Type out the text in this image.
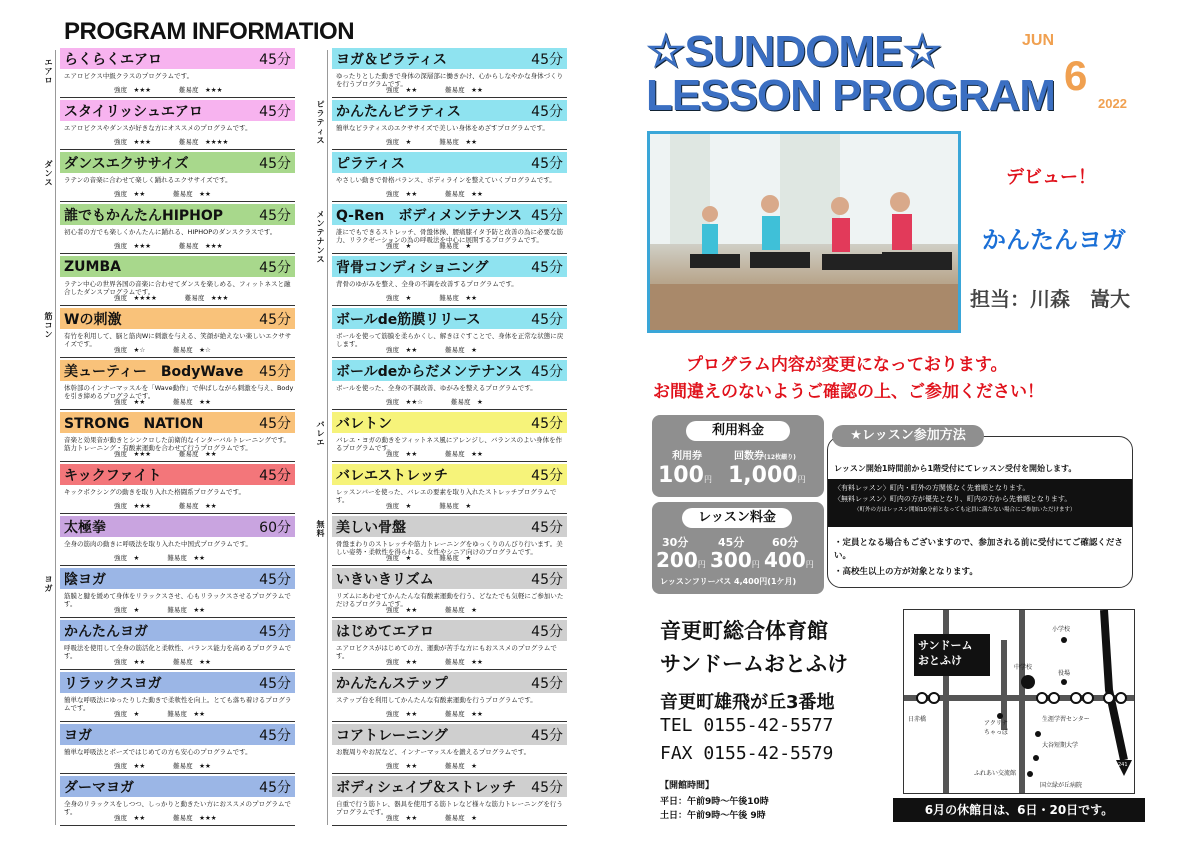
PROGRAM INFORMATION
エアロ
ダンス
筋コン
ヨガ
ピラティス
メンテナンス
バレエ
無料
らくらくエアロ	45分
エアロビクス中級クラスのプログラムです。
強度　 ★★★	難易度　 ★★★
スタイリッシュエアロ	45分
エアロビクスやダンスが好きな方にオススメのプログラムです。
強度　 ★★★	難易度　 ★★★★
ダンスエクササイズ	45分
ラテンの音楽に合わせて楽しく踊れるエクササイズです。
強度　 ★★	難易度　 ★★
誰でもかんたんHIPHOP	45分
初心者の方でも楽しくかんたんに踊れる、HIPHOPのダンスクラスです。
強度　 ★★★	難易度　 ★★★
ZUMBA	45分
ラテン中心の世界各国の音楽に合わせてダンスを楽しめる、フィットネスと融合したダンスプログラムです。
強度　 ★★★★	難易度　 ★★★
Wの刺激	45分
有竹を利用して、脳と筋肉Wに刺激を与える、笑顔が絶えない楽しいエクササイズです。
強度　 ★☆	難易度　 ★☆
美ューティー　BodyWave 45分
体幹部のインナーマッスルを「Wave動作」で伸ばしながら刺激を与え、Bodyを引き締めるプログラムです。
強度　 ★★	難易度　 ★★
STRONG　NATION	45分
音楽と効果音が動きとシンクロした前衛的なインターバルトレーニングです。筋力トレーニング・有酸素運動を合わせて行うプログラムです。
強度　 ★★★	難易度　 ★★
キックファイト	45分
キックボクシングの動きを取り入れた格闘系プログラムです。
強度　 ★★★	難易度　 ★★
太極拳	60分
全身の筋肉の動きに呼吸法を取り入れた中国式プログラムです。
強度　 ★	難易度　 ★★
陰ヨガ	45分
筋膜と腱を緩めて身体をリラックスさせ、心もリラックスさせるプログラムです。
強度　 ★	難易度　 ★★
かんたんヨガ	45分
呼吸法を使用して全身の筋活化と柔軟性、バランス能力を高めるプログラムです。
強度　 ★★	難易度　 ★★
リラックスヨガ	45分
簡単な呼吸法にゆったりした動きで柔軟性を向上。とても落ち着けるプログラムです。
強度　 ★	難易度　 ★★
ヨガ	45分
簡単な呼吸法とポーズではじめての方も安心のプログラムです。
強度　 ★★	難易度　 ★★
ダーマヨガ	45分
全身のリラックスをしつつ、しっかりと動きたい方におススメのプログラムです。
強度　 ★★	難易度　 ★★★
ヨガ＆ピラティス	45分
ゆったりとした動きで身体の深層部に働きかけ、心からしなやかな身体づくりを行うプログラムです。
強度　 ★★	難易度　 ★★
かんたんピラティス	45分
簡単なピラティスのエクササイズで美しい身体をめざすプログラムです。
強度　 ★	難易度　 ★★
ピラティス	45分
やさしい動きで骨格バランス、ボディラインを整えていくプログラムです。
強度　 ★★	難易度　 ★★
Q-Ren　ボディメンテナンス 45分
誰にでもできるストレッチ、骨盤体操、腰痛膝イタ予防と改善の為に必要な筋力、リラクゼーションの為の呼吸法を中心に展開するプログラムです。
強度　 ★	難易度　 ★
背骨コンディショニング	45分
背骨のゆがみを整え、全身の不調を改善するプログラムです。
強度　 ★	難易度　 ★★
ボールde筋膜リリース	45分
ボールを使って筋膜を柔らかくし、解きほぐすことで、身体を正常な状態に戻します。
強度　 ★★	難易度　 ★
ボールdeからだメンテナンス 45分
ボールを使った、全身の不調改善、ゆがみを整えるプログラムです。
強度　 ★★☆	難易度　 ★
バレトン	45分
バレエ・ヨガの動きをフィットネス風にアレンジし、バランスのよい身体を作るプログラムです。
強度　 ★★	難易度　 ★★
バレエストレッチ	45分
レッスンバーを使った、バレエの要素を取り入れたストレッチプログラムです。
強度　 ★	難易度　 ★
美しい骨盤	45分
骨盤まわりのストレッチや筋力トレーニングをゆっくりのんびり行います。美しい姿勢・柔軟性を得られる、女性やシニア向けのプログラムです。
強度　 ★	難易度　 ★
いきいきリズム	45分
リズムにあわせてかんたんな有酸素運動を行う、どなたでも気軽にご参加いただけるプログラムです。
強度　 ★★	難易度　 ★
はじめてエアロ	45分
エアロビクスがはじめての方、運動が苦手な方にもおススメのプログラムです。
強度　 ★★	難易度　 ★★
かんたんステップ	45分
ステップ台を利用してかんたんな有酸素運動を行うプログラムです。
強度　 ★★	難易度　 ★★
コアトレーニング	45分
お腹周りやお尻など、インナーマッスルを鍛えるプログラムです。
強度　 ★★	難易度　 ★
ボディシェイプ＆ストレッチ 45分
自重で行う筋トレ、器具を使用する筋トレなど様々な筋力トレーニングを行うプログラムです。
強度　 ★★	難易度　 ★
☆SUNDOME☆
LESSON PROGRAM
JUN
6
2022
デビュー！
かんたんヨガ
担当：川森　嵩大
プログラム内容が変更になっております。
お間違えのないようご確認の上、ご参加ください！
利用料金
利用券	回数券(12枚綴り)
100円 1,000円
レッスン料金
30分	45分	60分
200円 300円 400円
レッスンフリーパス 4,400円(1ケ月)
★レッスン参加方法
レッスン開始1時間前から1階受付にてレッスン受付を開始します。
〈有料レッスン〉町内・町外の方関係なく先着順となります。
〈無料レッスン〉町内の方が優先となり、町内の方から先着順となります。
（町外の方はレッスン開始10分前となっても定員に満たない場合にご参加いただけます）
・定員となる場合もございますので、参加される前に受付にてご確認ください。
・高校生以上の方が対象となります。
音更町総合体育館
サンドームおとふけ
音更町雄飛が丘3番地
TEL 0155-42-5577
FAX 0155-42-5579
【開館時間】
平日：午前9時～午後10時
土日：午前9時～午後 9時
サンドーム おとふけ
小学校
中学校
役場
日赤橋
アクリナ ちゃっぽ
生涯学習センター
大谷短期大学
ふれあい交流館
国立緑が丘病院
241
6月の休館日は、6日・20日です。
